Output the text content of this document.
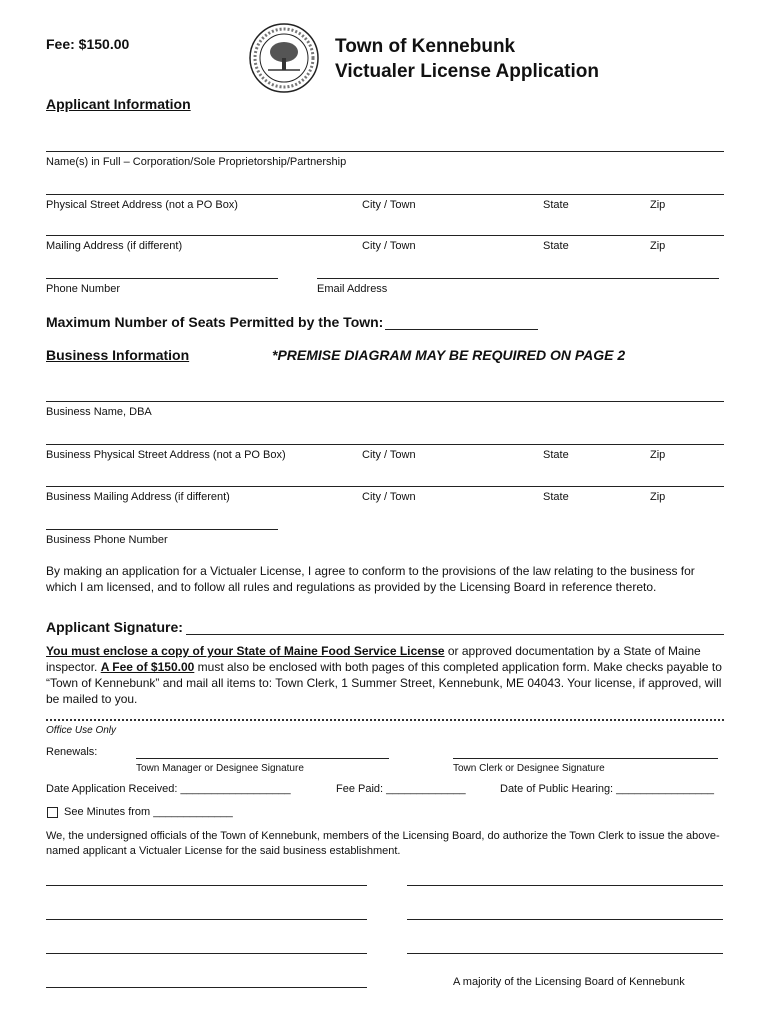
Fee: $150.00	Town of Kennebunk
Victualer License Application
Applicant Information
Name(s) in Full – Corporation/Sole Proprietorship/Partnership
Physical Street Address (not a PO Box)	City / Town	State	Zip
Mailing Address (if different)	City / Town	State	Zip
Phone Number	Email Address
Maximum Number of Seats Permitted by the Town:
Business Information	*PREMISE DIAGRAM MAY BE REQUIRED ON PAGE 2
Business Name, DBA
Business Physical Street Address (not a PO Box)	City / Town	State	Zip
Business Mailing Address (if different)	City / Town	State	Zip
Business Phone Number
By making an application for a Victualer License, I agree to conform to the provisions of the law relating to the business for which I am licensed, and to follow all rules and regulations as provided by the Licensing Board in reference thereto.
Applicant Signature:
You must enclose a copy of your State of Maine Food Service License or approved documentation by a State of Maine inspector. A Fee of $150.00 must also be enclosed with both pages of this completed application form. Make checks payable to “Town of Kennebunk” and mail all items to: Town Clerk, 1 Summer Street, Kennebunk, ME 04043. Your license, if approved, will be mailed to you.
Office Use Only
Renewals:
Town Manager or Designee Signature	Town Clerk or Designee Signature
Date Application Received: __________________	Fee Paid: _____________	Date of Public Hearing: ________________
See Minutes from _____________
We, the undersigned officials of the Town of Kennebunk, members of the Licensing Board, do authorize the Town Clerk to issue the above-named applicant a Victualer License for the said business establishment.
A majority of the Licensing Board of Kennebunk
